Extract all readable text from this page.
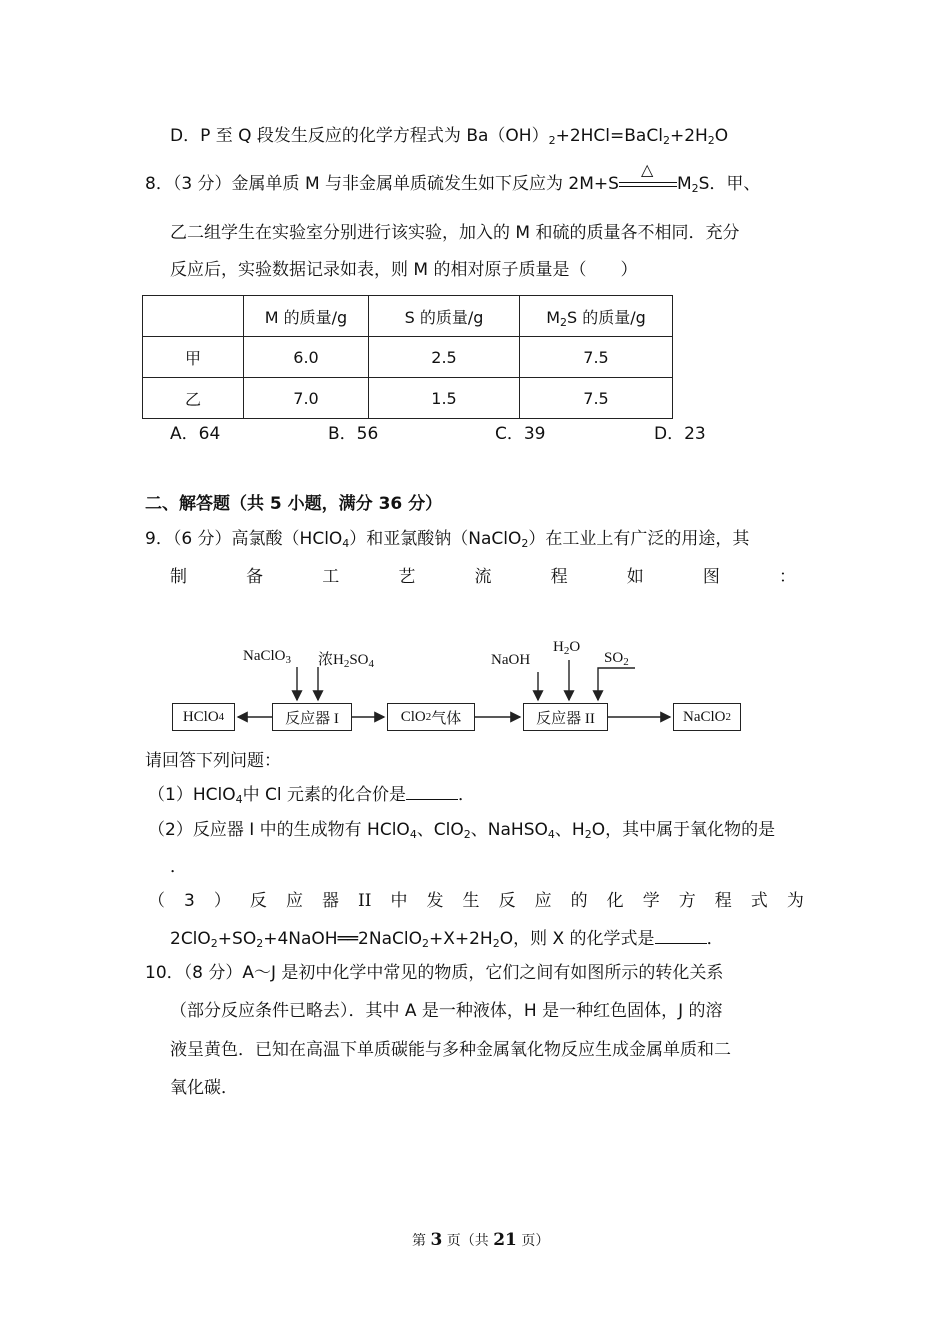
D．P 至 Q 段发生反应的化学方程式为 $Ba(OH)_2+2HCl=BaCl_2+2H_2O$
8．（3 分）金属单质 M 与非金属单质硫发生如下反应为 2M+S
△
$M_2S$．甲、
乙二组学生在实验室分别进行该实验，加入的 M 和硫的质量各不相同．充分
反应后，实验数据记录如表，则 M 的相对原子质量是（　　）
	M 的质量/g	S 的质量/g	$M_2S$ 的质量/g
甲	6.0	2.5	7.5
乙	7.0	1.5	7.5
A．64	B．56	C．39	D．23
二、解答题（共 5 小题，满分 36 分）
9．（6 分）高氯酸（HClO$_4$）和亚氯酸钠（NaClO$_2$）在工业上有广泛的用途，其
制	备	工	艺	流	程	如	图	：
NaClO$_3$ 浓$H_2SO_4$
HClO 4	反应器 I	ClO 2 气体
NaOH
$H_2O$
$SO_2$
反应器 II	NaClO 2
请回答下列问题：
（1）HClO$_4$中 Cl 元素的化合价是	．
（2）反应器 I 中的生成物有 HClO$_4$、ClO$_2$、NaHSO$_4$、$H_2O$，其中属于氧化物的是
．
（ 3 ） 反 应 器 II 中 发 生 反 应 的 化 学 方 程 式 为
$2ClO_2+SO_2+4NaOH══2NaClO_2+X+2H_2O$，则 X 的化学式是	．
10．（8 分）A～J 是初中化学中常见的物质，它们之间有如图所示的转化关系
（部分反应条件已略去）．其中 A 是一种液体，H 是一种红色固体，J 的溶
液呈黄色．已知在高温下单质碳能与多种金属氧化物反应生成金属单质和二
氧化碳．
第 3 页（共 21 页）
